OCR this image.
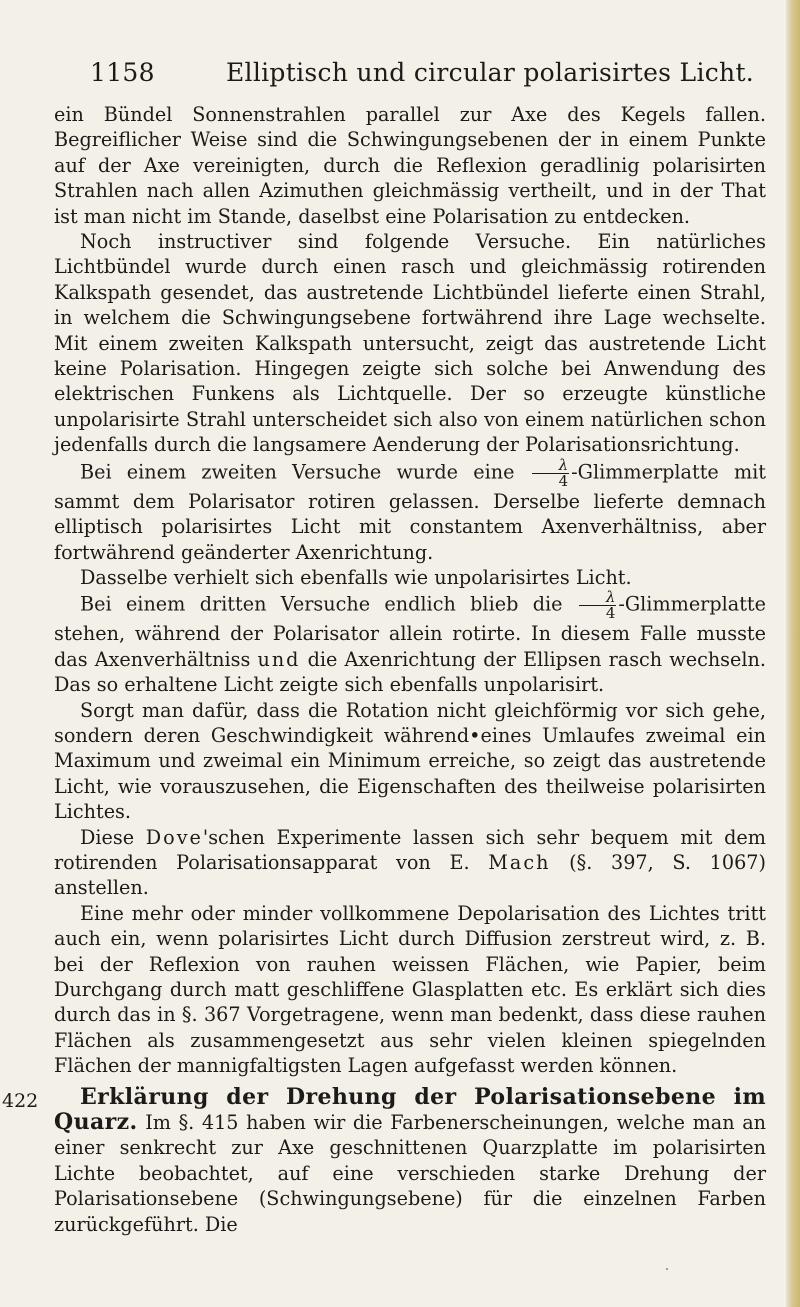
1158	Elliptisch und circular polarisirtes Licht.

ein Bündel Sonnenstrahlen parallel zur Axe des Kegels fallen. Begreiflicher Weise sind die Schwingungsebenen der in einem Punkte auf der Axe vereinigten, durch die Reflexion geradlinig polarisirten Strahlen nach allen Azimuthen gleichmässig vertheilt, und in der That ist man nicht im Stande, daselbst eine Polarisation zu entdecken.

Noch instructiver sind folgende Versuche. Ein natürliches Lichtbündel wurde durch einen rasch und gleichmässig rotirenden Kalkspath gesendet, das austretende Lichtbündel lieferte einen Strahl, in welchem die Schwingungsebene fortwährend ihre Lage wechselte. Mit einem zweiten Kalkspath untersucht, zeigt das austretende Licht keine Polarisation. Hingegen zeigte sich solche bei Anwendung des elektrischen Funkens als Lichtquelle. Der so erzeugte künstliche unpolarisirte Strahl unterscheidet sich also von einem natürlichen schon jedenfalls durch die langsamere Aenderung der Polarisationsrichtung.

Bei einem zweiten Versuche wurde eine $\frac{\lambda}{4}$ -Glimmerplatte mit sammt dem Polarisator rotiren gelassen. Derselbe lieferte demnach elliptisch polarisirtes Licht mit constantem Axenverhältniss, aber fortwährend geänderter Axenrichtung.

Dasselbe verhielt sich ebenfalls wie unpolarisirtes Licht.

Bei einem dritten Versuche endlich blieb die $\frac{\lambda}{4}$ -Glimmerplatte stehen, während der Polarisator allein rotirte. In diesem Falle musste das Axenverhältniss und die Axenrichtung der Ellipsen rasch wechseln. Das so erhaltene Licht zeigte sich ebenfalls unpolarisirt.

Sorgt man dafür, dass die Rotation nicht gleichförmig vor sich gehe, sondern deren Geschwindigkeit während•eines Umlaufes zweimal ein Maximum und zweimal ein Minimum erreiche, so zeigt das austretende Licht, wie vorauszusehen, die Eigenschaften des theilweise polarisirten Lichtes.

Diese Dove'schen Experimente lassen sich sehr bequem mit dem rotirenden Polarisationsapparat von E. Mach (§. 397, S. 1067) anstellen.

Eine mehr oder minder vollkommene Depolarisation des Lichtes tritt auch ein, wenn polarisirtes Licht durch Diffusion zerstreut wird, z. B. bei der Reflexion von rauhen weissen Flächen, wie Papier, beim Durchgang durch matt geschliffene Glasplatten etc. Es erklärt sich dies durch das in §. 367 Vorgetragene, wenn man bedenkt, dass diese rauhen Flächen als zusammengesetzt aus sehr vielen kleinen spiegelnden Flächen der mannigfaltigsten Lagen aufgefasst werden können.

422	Erklärung der Drehung der Polarisationsebene im Quarz. Im §. 415 haben wir die Farbenerscheinungen, welche man an einer senkrecht zur Axe geschnittenen Quarzplatte im polarisirten Lichte beobachtet, auf eine verschieden starke Drehung der Polarisationsebene (Schwingungsebene) für die einzelnen Farben zurückgeführt. Die
